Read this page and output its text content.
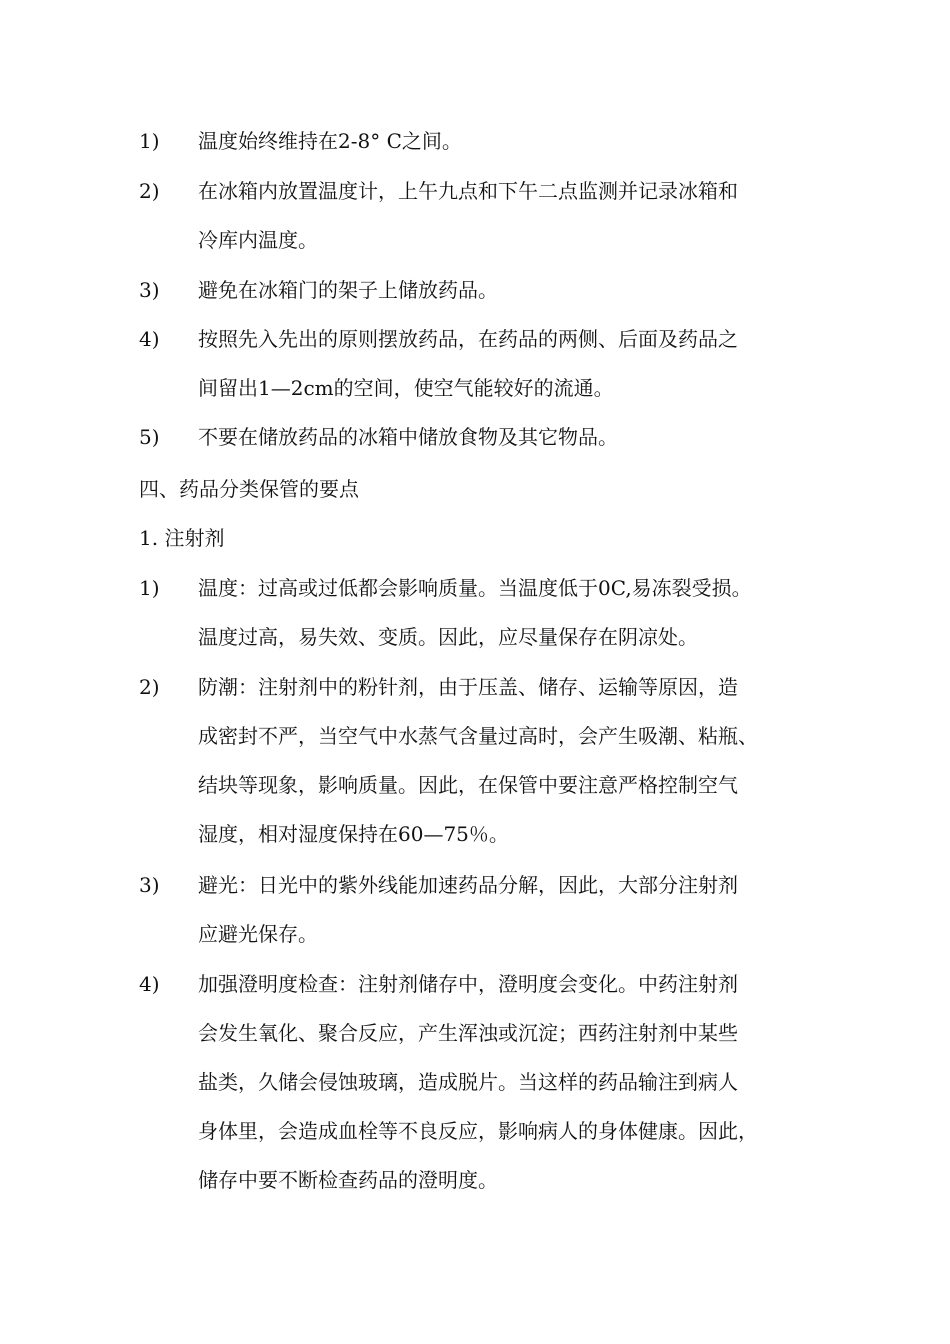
1) 温度始终维持在2-8° C之间。
2) 在冰箱内放置温度计，上午九点和下午二点监测并记录冰箱和
冷库内温度。
3) 避免在冰箱门的架子上储放药品。
4) 按照先入先出的原则摆放药品，在药品的两侧、后面及药品之
间留出1—2cm的空间，使空气能较好的流通。
5) 不要在储放药品的冰箱中储放食物及其它物品。
四、药品分类保管的要点
1. 注射剂
1) 温度：过高或过低都会影响质量。当温度低于0C,易冻裂受损。
温度过高，易失效、变质。因此，应尽量保存在阴凉处。
2) 防潮：注射剂中的粉针剂，由于压盖、储存、运输等原因，造
成密封不严，当空气中水蒸气含量过高时，会产生吸潮、粘瓶、
结块等现象，影响质量。因此，在保管中要注意严格控制空气
湿度，相对湿度保持在60—75％。
3) 避光：日光中的紫外线能加速药品分解，因此，大部分注射剂
应避光保存。
4) 加强澄明度检查：注射剂储存中，澄明度会变化。中药注射剂
会发生氧化、聚合反应，产生浑浊或沉淀；西药注射剂中某些
盐类，久储会侵蚀玻璃，造成脱片。当这样的药品输注到病人
身体里，会造成血栓等不良反应，影响病人的身体健康。因此，
储存中要不断检查药品的澄明度。
